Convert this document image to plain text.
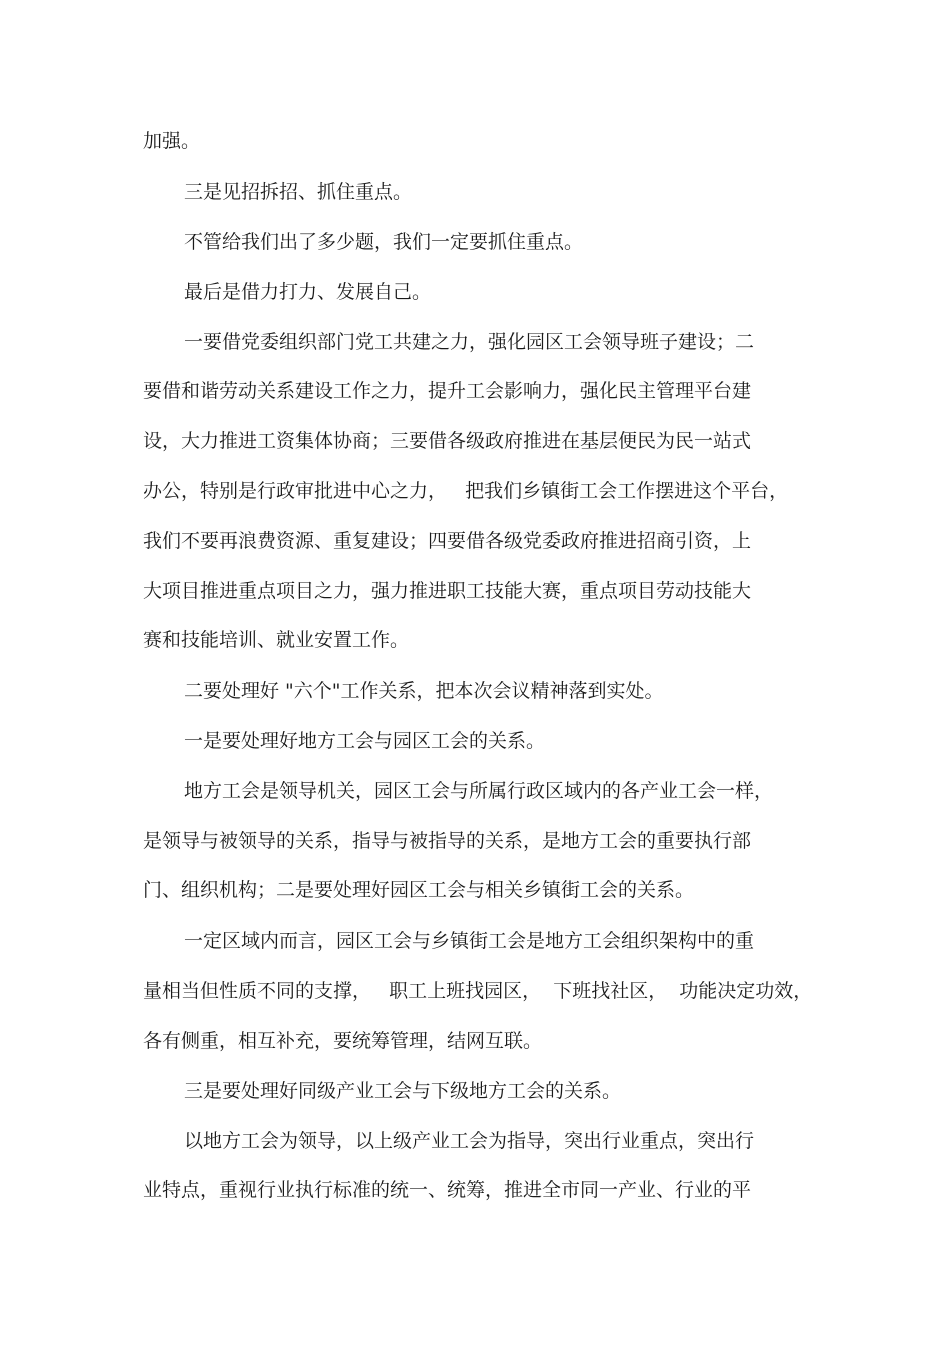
加强。
三是见招拆招、抓住重点。
不管给我们出了多少题，我们一定要抓住重点。
最后是借力打力、发展自己。
一要借党委组织部门党工共建之力，强化园区工会领导班子建设；二
要借和谐劳动关系建设工作之力，提升工会影响力，强化民主管理平台建
设，大力推进工资集体协商；三要借各级政府推进在基层便民为民一站式
办公，特别是行政审批进中心之力，   把我们乡镇街工会工作摆进这个平台，
我们不要再浪费资源、重复建设；四要借各级党委政府推进招商引资，上
大项目推进重点项目之力，强力推进职工技能大赛，重点项目劳动技能大
赛和技能培训、就业安置工作。
二要处理好 "六个"工作关系，把本次会议精神落到实处。
一是要处理好地方工会与园区工会的关系。
地方工会是领导机关，园区工会与所属行政区域内的各产业工会一样，
是领导与被领导的关系，指导与被指导的关系，是地方工会的重要执行部
门、组织机构；二是要处理好园区工会与相关乡镇街工会的关系。
一定区域内而言，园区工会与乡镇街工会是地方工会组织架构中的重
量相当但性质不同的支撑，   职工上班找园区，  下班找社区，  功能决定功效，
各有侧重，相互补充，要统筹管理，结网互联。
三是要处理好同级产业工会与下级地方工会的关系。
以地方工会为领导，以上级产业工会为指导，突出行业重点，突出行
业特点，重视行业执行标准的统一、统筹，推进全市同一产业、行业的平
